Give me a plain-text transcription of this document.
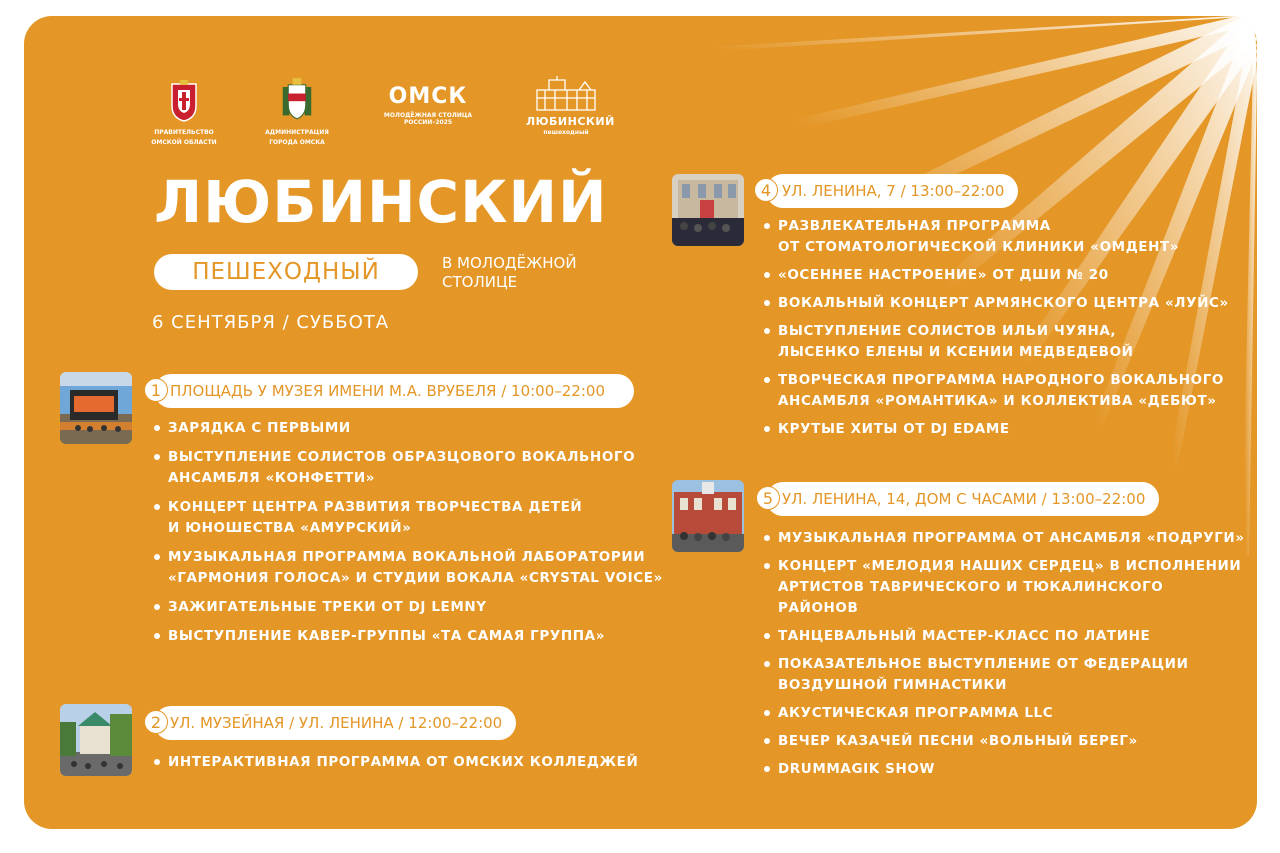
ПРАВИТЕЛЬСТВО
ОМСКОЙ ОБЛАСТИ
АДМИНИСТРАЦИЯ
ГОРОДА ОМСКА
ОМСК
МОЛОДЁЖНАЯ СТОЛИЦА
РОССИИ–2025	ЛЮБИНСКИЙ
пешеходный
ЛЮБИНСКИЙ
ПЕШЕХОДНЫЙ	В МОЛОДЁЖНОЙ
СТОЛИЦЕ
6 СЕНТЯБРЯ / СУББОТА
ПЛОЩАДЬ У МУЗЕЯ ИМЕНИ М.А. ВРУБЕЛЯ / 10:00–22:00
1
ЗАРЯДКА С ПЕРВЫМИ
ВЫСТУПЛЕНИЕ СОЛИСТОВ ОБРАЗЦОВОГО ВОКАЛЬНОГО
АНСАМБЛЯ «КОНФЕТТИ»
КОНЦЕРТ ЦЕНТРА РАЗВИТИЯ ТВОРЧЕСТВА ДЕТЕЙ
И ЮНОШЕСТВА «АМУРСКИЙ»
МУЗЫКАЛЬНАЯ ПРОГРАММА ВОКАЛЬНОЙ ЛАБОРАТОРИИ
«ГАРМОНИЯ ГОЛОСА» И СТУДИИ ВОКАЛА «CRYSTAL VOICE»
ЗАЖИГАТЕЛЬНЫЕ ТРЕКИ ОТ DJ LEMNY
ВЫСТУПЛЕНИЕ КАВЕР-ГРУППЫ «ТА САМАЯ ГРУППА»
УЛ. МУЗЕЙНАЯ / УЛ. ЛЕНИНА / 12:00–22:00
2
ИНТЕРАКТИВНАЯ ПРОГРАММА ОТ ОМСКИХ КОЛЛЕДЖЕЙ
УЛ. ЛЕНИНА, 7 / 13:00–22:00
4
РАЗВЛЕКАТЕЛЬНАЯ ПРОГРАММА
ОТ СТОМАТОЛОГИЧЕСКОЙ КЛИНИКИ «ОМДЕНТ»
«ОСЕННЕЕ НАСТРОЕНИЕ» ОТ ДШИ № 20
ВОКАЛЬНЫЙ КОНЦЕРТ АРМЯНСКОГО ЦЕНТРА «ЛУЙС»
ВЫСТУПЛЕНИЕ СОЛИСТОВ ИЛЬИ ЧУЯНА,
ЛЫСЕНКО ЕЛЕНЫ И КСЕНИИ МЕДВЕДЕВОЙ
ТВОРЧЕСКАЯ ПРОГРАММА НАРОДНОГО ВОКАЛЬНОГО
АНСАМБЛЯ «РОМАНТИКА» И КОЛЛЕКТИВА «ДЕБЮТ»
КРУТЫЕ ХИТЫ ОТ DJ EDAME
УЛ. ЛЕНИНА, 14, ДОМ С ЧАСАМИ / 13:00–22:00
5
МУЗЫКАЛЬНАЯ ПРОГРАММА ОТ АНСАМБЛЯ «ПОДРУГИ»
КОНЦЕРТ «МЕЛОДИЯ НАШИХ СЕРДЕЦ» В ИСПОЛНЕНИИ
АРТИСТОВ ТАВРИЧЕСКОГО И ТЮКАЛИНСКОГО
РАЙОНОВ
ТАНЦЕВАЛЬНЫЙ МАСТЕР-КЛАСС ПО ЛАТИНЕ
ПОКАЗАТЕЛЬНОЕ ВЫСТУПЛЕНИЕ ОТ ФЕДЕРАЦИИ
ВОЗДУШНОЙ ГИМНАСТИКИ
АКУСТИЧЕСКАЯ ПРОГРАММА LLC
ВЕЧЕР КАЗАЧЕЙ ПЕСНИ «ВОЛЬНЫЙ БЕРЕГ»
DRUMMAGIK SHOW
